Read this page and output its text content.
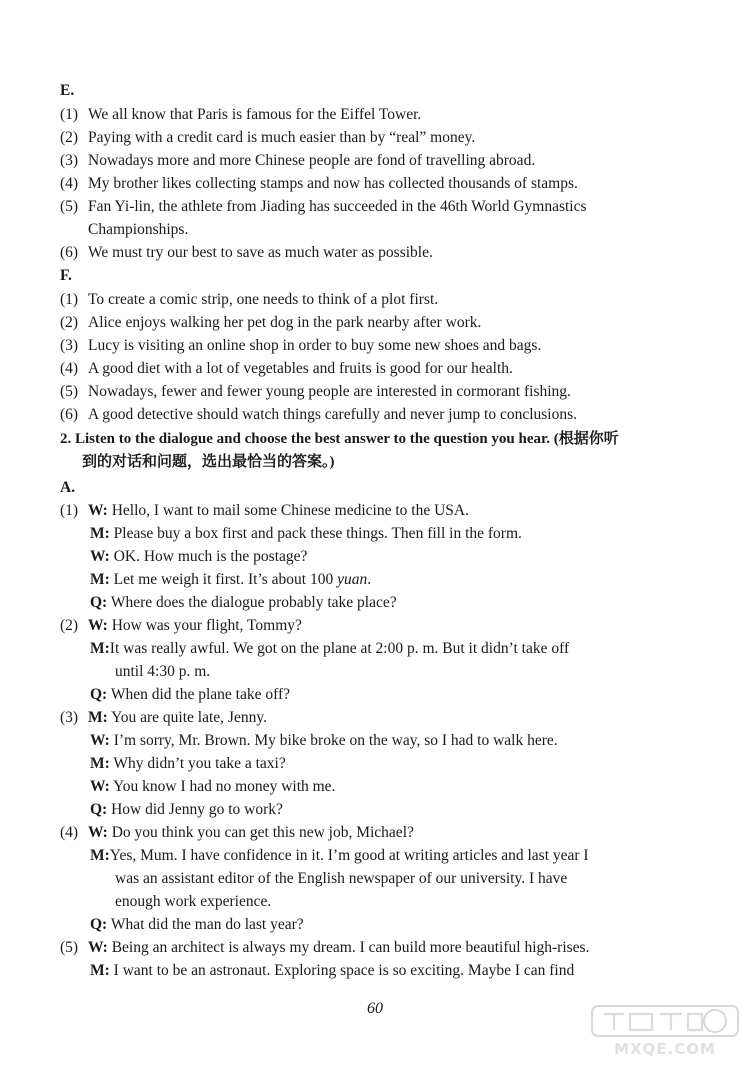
E.
(1) We all know that Paris is famous for the Eiffel Tower.
(2) Paying with a credit card is much easier than by “real” money.
(3) Nowadays more and more Chinese people are fond of travelling abroad.
(4) My brother likes collecting stamps and now has collected thousands of stamps.
(5) Fan Yi-lin, the athlete from Jiading has succeeded in the 46th World Gymnastics
Championships.
(6) We must try our best to save as much water as possible.
F.
(1) To create a comic strip, one needs to think of a plot first.
(2) Alice enjoys walking her pet dog in the park nearby after work.
(3) Lucy is visiting an online shop in order to buy some new shoes and bags.
(4) A good diet with a lot of vegetables and fruits is good for our health.
(5) Nowadays, fewer and fewer young people are interested in cormorant fishing.
(6) A good detective should watch things carefully and never jump to conclusions.
2. Listen to the dialogue and choose the best answer to the question you hear. (根据你听
到的对话和问题，选出最恰当的答案。)
A.
(1) W: Hello, I want to mail some Chinese medicine to the USA.
M: Please buy a box first and pack these things. Then fill in the form.
W: OK. How much is the postage?
M: Let me weigh it first. It’s about 100 yuan.
Q: Where does the dialogue probably take place?
(2) W: How was your flight, Tommy?
M:It was really awful. We got on the plane at 2:00 p. m. But it didn’t take off
until 4:30 p. m.
Q: When did the plane take off?
(3) M: You are quite late, Jenny.
W: I’m sorry, Mr. Brown. My bike broke on the way, so I had to walk here.
M: Why didn’t you take a taxi?
W: You know I had no money with me.
Q: How did Jenny go to work?
(4) W: Do you think you can get this new job, Michael?
M:Yes, Mum. I have confidence in it. I’m good at writing articles and last year I
was an assistant editor of the English newspaper of our university. I have
enough work experience.
Q: What did the man do last year?
(5) W: Being an architect is always my dream. I can build more beautiful high-rises.
M: I want to be an astronaut. Exploring space is so exciting. Maybe I can find
60
MXQE.COM
